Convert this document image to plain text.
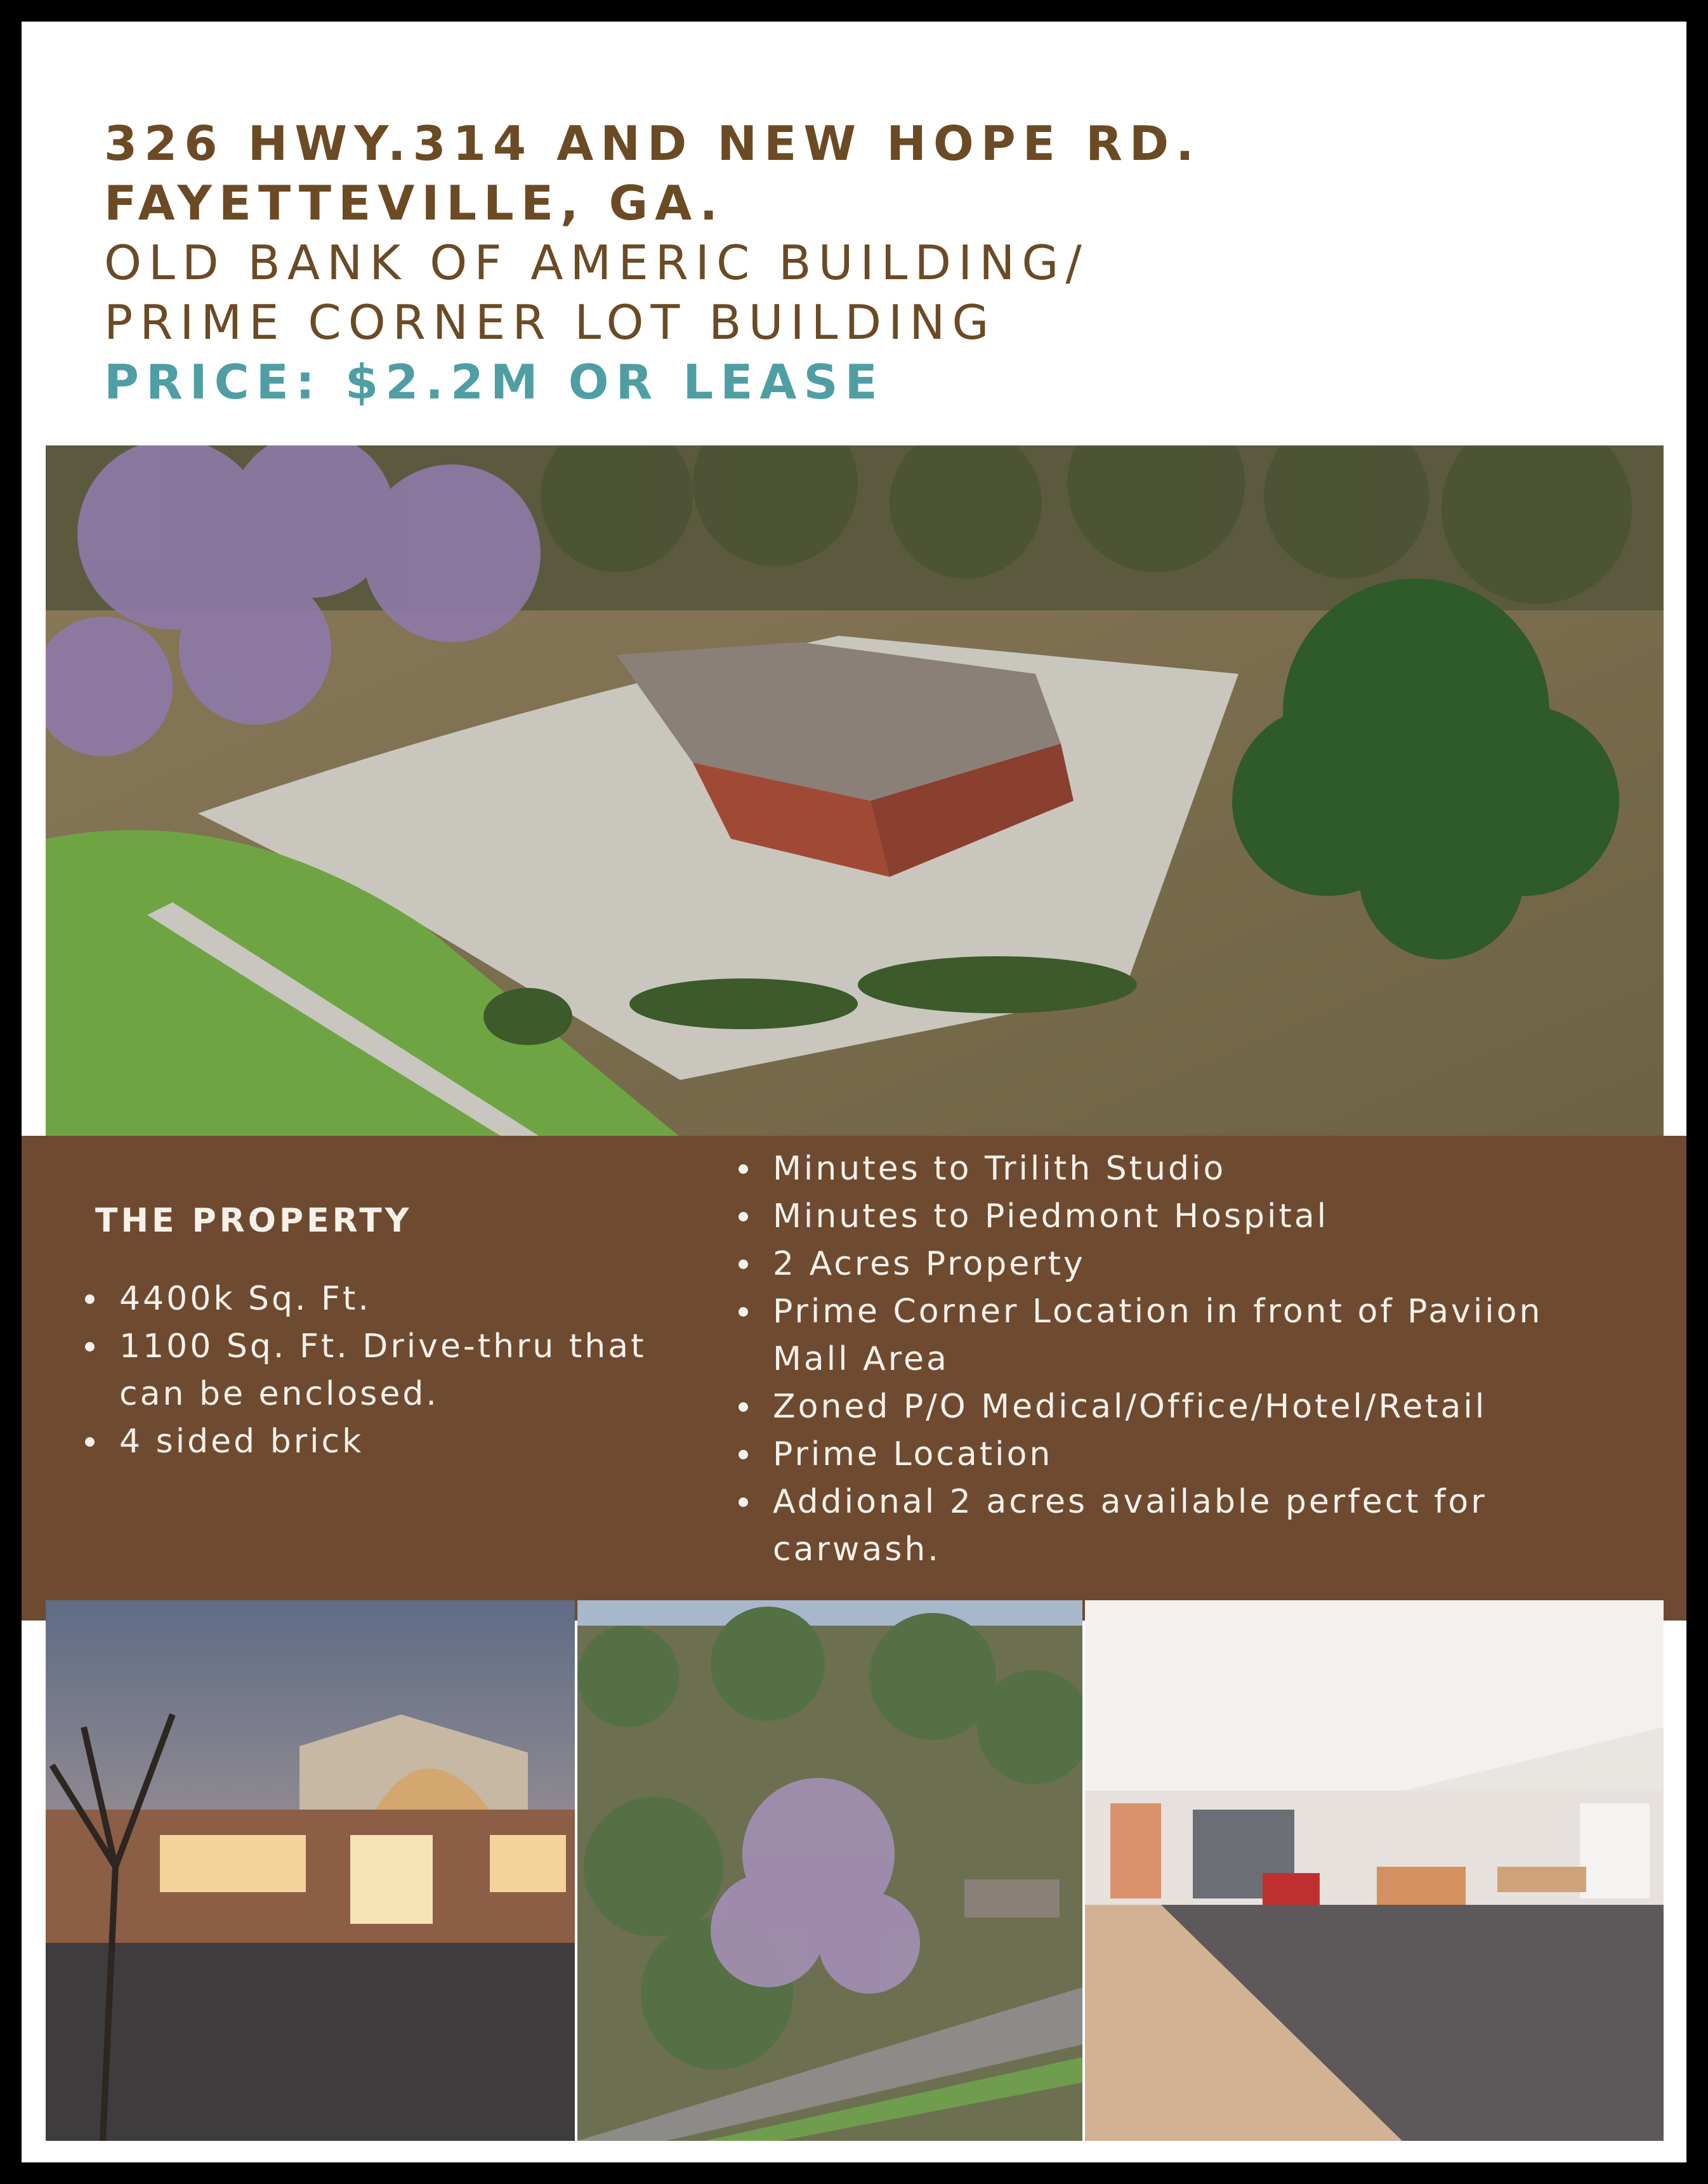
326 HWY.314 AND NEW HOPE RD.
FAYETTEVILLE, GA.
OLD BANK OF AMERIC BUILDING/
PRIME CORNER LOT BUILDING
PRICE: $2.2M OR LEASE
THE PROPERTY
4400k Sq. Ft.
1100 Sq. Ft. Drive-thru that can be enclosed.
4 sided brick
Minutes to Trilith Studio
Minutes to Piedmont Hospital
2 Acres Property
Prime Corner Location in front of Paviion Mall Area
Zoned P/O Medical/Office/Hotel/Retail
Prime Location
Addional 2 acres available perfect for carwash.
